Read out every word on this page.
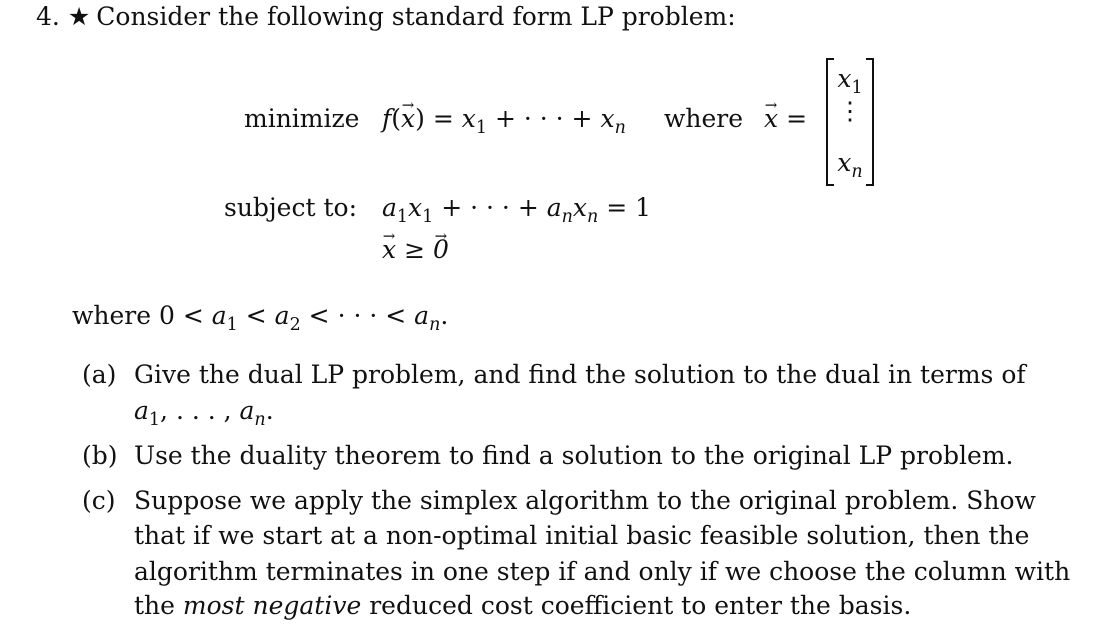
4. ★ Consider the following standard form LP problem:
minimize $f(\to x) = x_1$ + · · · + $x_n$ where → x =
$x_1$
⋮
$x_n$
subject to: $a_1x_1$ + · · · + $a_nx_n = 1$
→ x ≥ → 0
where $0 < a_1 < a_2$ < · · · < $a_n$.
(a) Give the dual LP problem, and find the solution to the dual in terms of
$a_1$, . . . , $a_n$.
(b) Use the duality theorem to find a solution to the original LP problem.
(c) Suppose we apply the simplex algorithm to the original problem. Show
that if we start at a non-optimal initial basic feasible solution, then the
algorithm terminates in one step if and only if we choose the column with
the most negative reduced cost coefficient to enter the basis.
